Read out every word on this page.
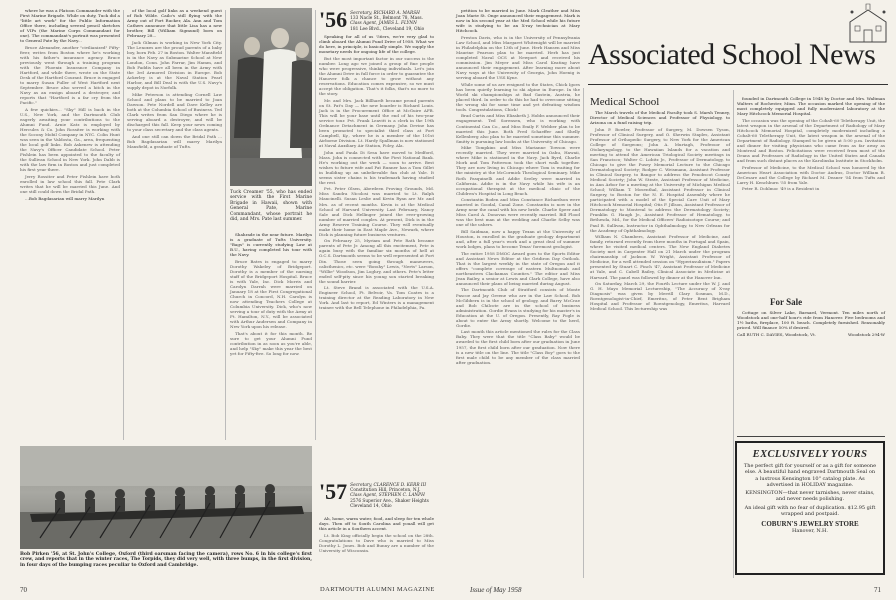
where he was a Platoon Commander with the First Marine Brigade. While on duty, Tuck did a "little art work" for the Public Information Office there, including several pencil sketches of VIPs (the Marine Corps Commandant for one). The commandant's portrait was presented to General Pate by the Navy...

Bruce Alexander, another "civilianized" Fifty-fiver, writes from Boston where he's working with his father's insurance agency. Bruce previously went through a training program with the Phoenix Insurance Company in Hartford, and while there, wrote on the State Desk of the Hartford Courant. Bruce is engaged to marry Susan Fuller of West Hartford next September. Bruce also served a hitch in the Navy as an ensign aboard a destroyer, and reports that "Hartford is a far cry from the Pacific."

A few quickies... "Sky" Hill is back in the U.S., New York, and the Dartmouth Club eagerly awaiting your contributions to the Alumni Fund. Arnie Katz is employed by Hercules & Co. John Rossiter is working with the Socony Mobil Company in NYC. Colin Hunt was seen in the Valdosta, Ga., area, frequenting the local golf links. Bob Askenew is attending the Navy's Officer Candidate School. Peter Fishlein has been appointed to the faculty of the Sullivan School in New York. John Dabb is with the law firm in Boston and just completed his first year there.

Jerry Rossiter and Peter Fishlein have both enrolled in law school this fall. Pete Clark writes that he will be married this June. And one still could down the Bridal Path.

...Bob Bagdasarian will marry Marilyn

of the local golf links as a weekend guest of Rob Wilde. Cailo's still flying with the Army out of Fort Rucker, Ala. Ann and Tom Cathers announce that little Lisa has a new brother, Bill (William Sigmund) born on February 28...

Jack Gilman is working in New York City. The Lenoxes are the proud parents of a baby boy, born Feb. 27 in Boston. Walter Mansfield is in the Navy as Submarine School at New London, Conn. John Farrar, Jim Hamm, and Bob Faddis have all been in the Army with the 3rd Armored Division in Europe. Bob Ackerley is at the Naval Station Pearl Harbor, and Bill Deal is with the U.S. Navy's supply depot in Norfolk.

Mike Peterson is attending Cornell Law School and plans to be married to Joan Dawson. Pete Nordell and Dave Kelley are both at the Columbia School of Business. Ted Clark writes from San Diego where he is serving aboard a destroyer, and will be discharged this fall. Keep your news coming to your class secretary and the class agents.

And one still can down the Bridal Path ... Bob Bagdasarian will marry Marilyn Mansfield, a graduate of Tufts.

Tuck Creamer '55, who has ended service with the First Marine Brigade in Hawaii, shown with General Pate, Marine Commandant, whose portrait he did, and Mrs. Pate last summer.

Shahrade in the near future. Marilyn is a graduate of Tufts University. "Bags" is currently studying Law at B.U., having completed his tour with the Navy.

Bruce Bates is engaged to marry Dorothy Wakeley of Bridgeport. Dorothy is a member of the nursing staff of the Bridgeport Hospital. Bruce is with Yale, Inc. Dick Morris and Carolyn Darrah were married on January 18 at the First Congregational Church in Concord, N.H. Carolyn is now attending Teachers College at Columbia University. Dick, who's now serving a tour of duty with the Army at Ft. Hamilton, N.Y., will be associated with Arthur Andersen and Company in New York upon his release.

That's about it for this month. Be sure to get your Alumni Fund contribution in as soon as you're able, and help "Sky" make this year the best yet for Fifty-five. So long for now.

'56 Secretary, RICHARD A. MARSH
133 Nacle St., Belmont 78, Mass.
Class Agent, JAMES L. FLYNN
181 Lee Blvd., Cleveland 19, Ohio

Speaking for all of us '56ers, we're very glad to climb aboard the Alumni Fund Drive of 1958. What we do here, in principle, is basically simple. We supply the monetary needs for ongoing life of the college.

But the most important factor in our success is the number. Long ago we joined a group of fine people who were progressive, thinking individuals. Let's join the Alumni Drive in full force in order to guarantee the Hanover folk a chance to grow without any reservations. Education comes expensive, so we must accept the obligation. That's it folks, that's no more to the story.

Mr. and Mrs. Jack Billhardt became proud parents on St. Pat's Day — the new boarder is Richard Louis. Jack is in the Procurement Office at McGuire AFB. This will be your base until the end of his two-year service tour. Pvt. Frank Leavitt is a clerk in the 19th Ordnance Detachment in Germany. John Devine has been promoted to specialist third class at Fort Campbell, Ky., where he is a member of the 101st Airborne Division. Lt. Hardy Spallman is now stationed at Naval Auxiliary Air Station, Foley, Ala.

John and Paula Di Sesa have moved to Medford, Mass. John is connected with the First National Bank. He's working out the week — soon to arrive. Best wishes to future wife and Pat Runner has a Tom Gillet in building up an unbelievable fan club at Yale. It seems sister chains is his trademark having studied the rest.

Pvt. Peter Olsen, Aberdeen Proving Grounds, Md. Miss Sandra Nicolosi was married to Lt. Ralph Mancinelli. Susan Leslie and Kevin Ryan are Mr. and Mrs. as of recent months. Kevin is at the Medical School of Harvard University. Last February, Nancy Sale and Dick Hellinger joined the ever-growing number of married couples. At present, Dick is in the Army Reserve Training Course. They will eventually make their home in East Maple Ave., Newark, where Dick is planning future business ventures.

On February 25, Myriam and Pete Rath became parents of Pete Jr. Among all this excitement, Pete is again busy with the familiar six months of hell at O.C.S. Dartmouth seems to be well represented at Fort Dix. Those seen going through maneuvers, calisthenics, etc. were "Bosshy" Lewis, "Nerts" Larson, "Willie" Woodson, Jim Loghry, and others. Pete's letter ended self-pity since his young son started breaking the sound barrier.

Lt. Steve Brand is associated with the U.S.A. Engineer School, Ft. Belvoir, Va. Tom Coates is a training director at the Reading Laboratory in New York. And last to report, Ed Winters is a management trainee with the Bell Telephone in Philadelphia, Pa.

'57 Secretary, CLARENCE D. KERR III
Constitution Hill, Princeton, N.J.
Class Agent, STEPHEN C. LANPH
2576 Superior Ave., Shaker Heights Cleveland 14, Ohio

Ah, home, warm water, food, and sleep for ten whole days. Then off to South Carolina and youall will get this article in a Southern accent.

Lt. Bob King officially begin the school on the 28th. Congratulations to Dave who is married to Miss Dorothy L. Jones. Bob and Bunny are a number of the University of Wisconsin.

Bob Pirken '56, at St. John's College, Oxford (third oarsman facing the camera), rows No. 6 in his college's first crew, and reports that in the winter races, The Torpids, they did very well, with three bumps, in the first division, in four days of the bumping races peculiar to Oxford and Cambridge.
70	DARTMOUTH ALUMNI MAGAZINE

petition to be married in June. Mark Cleather and Miss Joan Marie St. Onge announced their engagement. Mark is now in his second year at the Med School while his future wife is studying to be an X-ray technician at Mary Hitchcock.

Preston Davis, who is in the University of Pennsylvania Law School, and Miss Margaret Whitenight will be married in Philadelphia on the 13th of June. Herb Hansen and Miss Maurine Pearson plan to be married. Herb has just completed Naval OCS at Newport and received his commission. Jim Meyer and Miss Carol Keating have announced their engagement. After learning more about Navy ways at the University of Georgia, John Hoenig is serving aboard the USS Kyne.

While some of us are resigned to the States, Chick Igoes has been quietly learning to ski alpine in Europe. In the World ski championships at Bad Gastein, Austria, he placed third. In order to do this he had to overcome sitting the wrong ski for some time and yet defeating wisdom tools. Congratulations, Chick!

Brad Curtis and Miss Elizabeth J. Hobbs announced their engagement. Ted Sorensen, who is working with Continental Can Co., and Miss Emily F. Webber plan to be married this June. Both Fred Schaeffer and Shelly Kellenberg also plan to be married sometime this summer. Smitty is pursuing law books at the University of Chicago.

Mike Tompkins and Miss Marianne Towson were recently married. They were married in Oahu, Hawaii, where Mike is stationed in the Navy. Jack Byrd, Charlie Mork and Tom Patterson took the short walk together. They are now living in Chicago where Tom is waiting for the ministry at the McCormick Theological Seminary. Mike Roth Pasquinelli and Addie Seeley were married in California. Addie is in the Navy while his wife is an occupational therapist at the medical clinic of the Children's Hospital in Long Beach.

Constantin Boden and Miss Constance Richardson were married in Goodal, Canal Zone. Constantin is now in the Army near the canal with his new bride. Charlie Speer and Miss Carol A. Donovan were recently married. Bill Flood was the best man at the wedding and Charlie Selby was one of the ushers.

Bill Saidman, now a happy Texan at the University of Houston, is enrolled in the graduate geology department and, after a full year's work and a great deal of summer work lodges, plans to become Texas' foremost geologist.

The entire 1958 DMOC Award goes to the Sports Editor and Assistant News Editor at the Gridiron Day Outlook. That is the largest weekly in the state of Oregon and it offers "complete coverage of eastern Multnomah and northeastern Clackamas Counties." The editor and Miss Jean Bailey, a senior at Lewis and Clark College, have also announced their plans of being married during August.

The Dartmouth Club of Stratford consists of Monte Pascoe and Jay Greene who are in the Law School. Bob McGibbern is in the school of geology, and Barry McCrae and Bob Chilcote are in the school of business administration. Gordie Evans is studying for his master's in Education at the U. of Oregon. Presently, Ray Fogle is about to enter the Army shortly. Welcome to the herd, Gordie.

Last month this article mentioned the rules for the Class Baby. They were that the title "Class Baby" would be awarded to the first child born after our graduation in June 1957, the first child born after our graduation. Now there is a new title on the line. The title "Class Boy" goes to the first male child to be any member of the class married after graduation.

Issue of May 1958
Associated School News
Medical School

The March travels of the Medical Faculty took S. Marsh Tenney, Director of Medical Sciences and Professor of Physiology, to Arizona on a fund raising trip.

John P. Bowler, Professor of Surgery, M. Dowsen Tyson, Professor of Clinical Surgery, and O. Sherwin Staples, Assistant Professor of Orthopedic Surgery, to New York for the American College of Surgeons; John A. Murtagh, Professor of Otolaryngology, to the Hawaiian Islands for a vacation and meeting to attend the American Triological Society meetings in San Francisco; Walter C. Lobitz Jr., Professor of Dermatology, to Chicago to give the Pusey Memorial Lecture to the Chicago Dermatological Society; Rodger C. Weismann, Assistant Professor in Clinical Surgery, to Bangor to address the Penobscot County Medical Society; John W. Strate, Assistant Professor of Medicine, in Ann Arbor for a meeting at the University of Michigan Medical School; William T. Mosenthal, Assistant Professor in Clinical Surgery, to Boston for the N. E. Hospital Assembly where he participated with a model of the Special Care Unit of Mary Hitchcock Memorial Hospital; Otis F. Jillson, Assistant Professor of Dermatology to Montreal to address the Dermatology Society; Franklin G. Haugh Jr., Assistant Professor of Hematology, to Bethesda, Md., for the Medical Officers' Radioisotope Course; and Paul B. Sullivan, Instructor in Ophthalmology, to New Orleans for the Academy of Ophthalmology.

William N. Chambers, Assistant Professor of Medicine, and family, returned recently from three months in Portugal and Spain, where he visited medical centers. The New England Diabetes Society met in Carpenter Hall on 21 March under the program chairmanship of Jackson W. Wright, Assistant Professor of Medicine, for a well attended session on "Hyperinsulinism." Papers presented by Stuart C. Finch '47, Assistant Professor of Medicine at Yale, and C. Cabell Bailey, Clinical Associate in Medicine at Harvard. The panel was followed by dinner at the Hanover Inn.

On Saturday, March 29, the Fourth Lecture under the W. J. and G. H. Mayo Memorial Lectureship, "The Accuracy of X-ray Diagnosis" was given by Merrill Clary Sosman, M.D., Roentgenologist-in-Chief, Emeritus, of Peter Bent Brigham Hospital and Professor of Roentgenology, Emeritus, Harvard Medical School. This lectureship was

founded in Dartmouth College in 1948 by Doctor and Mrs. Waltman Walters of Rochester, Minn. The occasion marked the opening of the most completely equipped and fully modernized laboratory at the Mary Hitchcock Memorial Hospital.

The occasion was the opening of the Cobalt-60 Teletherapy Unit, the latest weapon in the arsenal of the Department of Radiology of Mary Hitchcock Memorial Hospital, completely modernized including a Cobalt-60 Teletherapy Unit, the latest weapon in the arsenal of the Department of Radiology. Stamped to be given at 5:00 p.m. Invitation and dinner for visiting physicians who came from as far away as Montreal and Boston. Felicitations were received from most of the Deans and Professors of Radiology in the United States and Canada and from such distant places as the Karolinska Institute in Stockholm.

Professor of Medicine, to the Medical School was honored by the American Heart Association with Doctor Andrus, Doctor William B. DeCesare and the College by Richard M. Deaner '54 from Tufts and Larry H. Kenchburn '55 from Yale.

Peter R. Dohlmoc '49 is a Resident in

For Sale

Cottage on Silver Lake, Barnard, Vermont. Ten miles north of Woodstock and one-half hour's ride from Hanover. Five bedrooms and 1½ baths, fireplace, 100 ft. beach. Completely furnished. Reasonably priced. Will finance 50% if desired.

Call RUTH C. DAVIES, Woodstock, Vt.	Woodstock 294-W

EXCLUSIVELY YOURS
The perfect gift for yourself or as a gift for someone else. A beautiful hand engraved Dartmouth Seal on a lustrous Kensington 10" catalog plate. As advertised in HOLIDAY magazine.
KENSINGTON—that never tarnishes, never stains, and never needs polishing.
An ideal gift with no fear of duplication. $12.95 gift wrapped and postpaid.
COBURN'S JEWELRY STORE
Hanover, N.H.
71
